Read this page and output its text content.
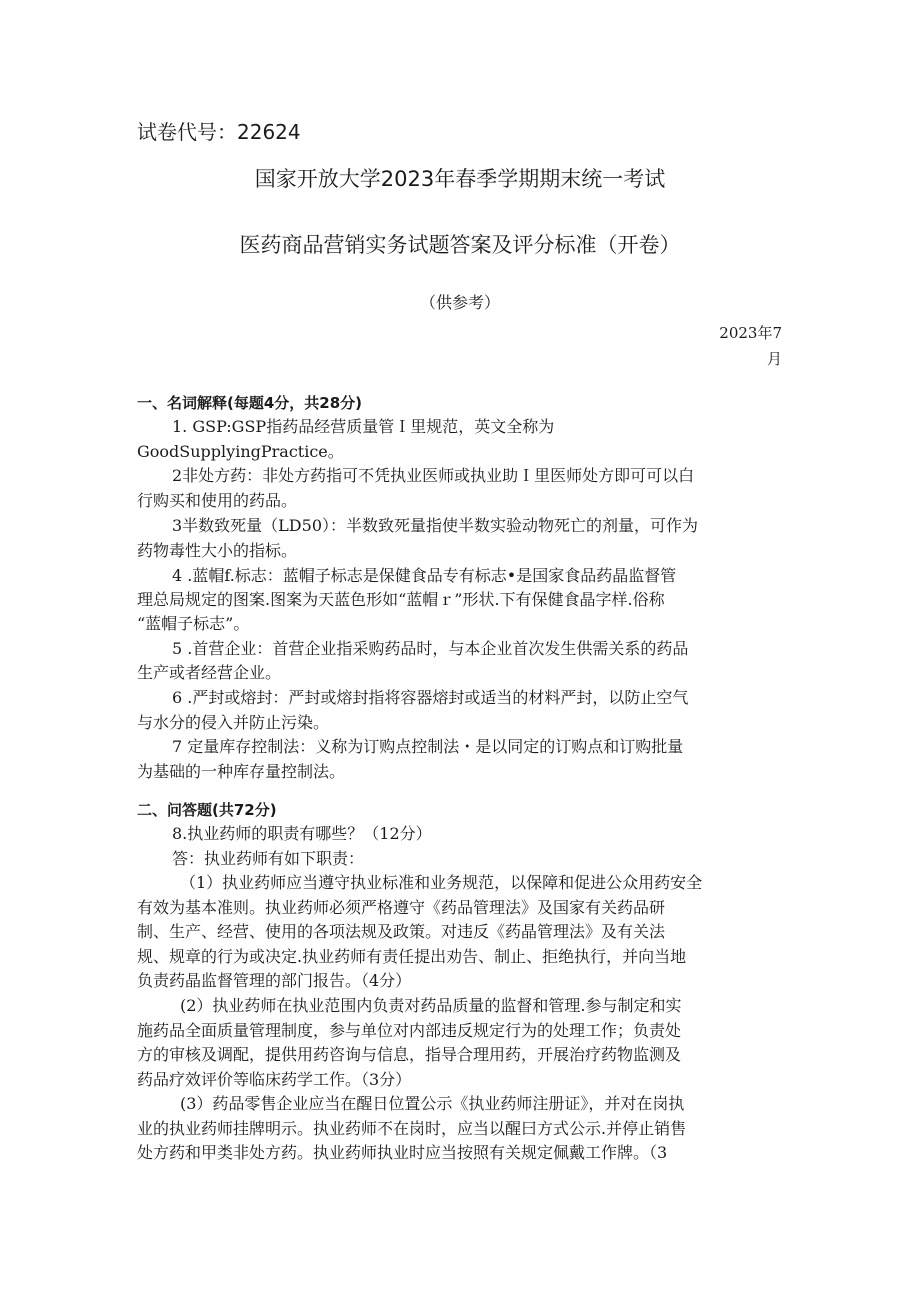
试卷代号：22624
国家开放大学2023年春季学期期末统一考试
医药商品营销实务试题答案及评分标准（开卷）
（供参考）
2023年7
月
一、名词解释(每题4分，共28分)
1. GSP:GSP指药品经营质量管Ｉ里规范，英文全称为
GoodSupplyingPractice。
2非处方药：非处方药指可不凭执业医师或执业助Ｉ里医师处方即可可以白
行购买和使用的药品。
3半数致死量（LD50）：半数致死量指使半数实验动物死亡的剂量，可作为
药物毒性大小的指标。
4 .蓝帽f.标志：蓝帽子标志是保健食品专有标志•是国家食品药晶监督管
理总局规定的图案.图案为天蓝色形如“蓝帽ｒ”形状.下有保健食晶字样.俗称
“蓝帽子标志”。
5 .首营企业：首营企业指采购药品时，与本企业首次发生供需关系的药品
生产或者经营企业。
6 .严封或熔封：严封或熔封指将容器熔封或适当的材料严封，以防止空气
与水分的侵入并防止污染。
7 定量库存控制法：义称为订购点控制法・是以同定的订购点和订购批量
为基础的一种库存量控制法。
二、问答题(共72分)
8.执业药师的职责有哪些？（12分）
答：执业药师有如下职责：
（1）执业药师应当遵守执业标准和业务规范，以保障和促进公众用药安全
有效为基本准则。执业药师必须严格遵守《药品管理法》及国家有关药品研
制、生产、经营、使用的各项法规及政策。对违反《药晶管理法》及有关法
规、规章的行为或决定.执业药师有责任提出劝告、制止、拒绝执行，并向当地
负责药晶监督管理的部门报告。（4分）
(2）执业药师在执业范围内负责对药品质量的监督和管理.参与制定和实
施药品全面质量管理制度，参与单位对内部违反规定行为的处理工作；负责处
方的审核及调配，提供用药咨询与信息，指导合理用药，开展治疗药物监测及
药品疗效评价等临床药学工作。（3分）
(3）药品零售企业应当在醒日位置公示《执业药师注册证》，并对在岗执
业的执业药师挂牌明示。执业药师不在岗时，应当以醒曰方式公示.并停止销售
处方药和甲类非处方药。执业药师执业时应当按照有关规定佩戴工作牌。（3
